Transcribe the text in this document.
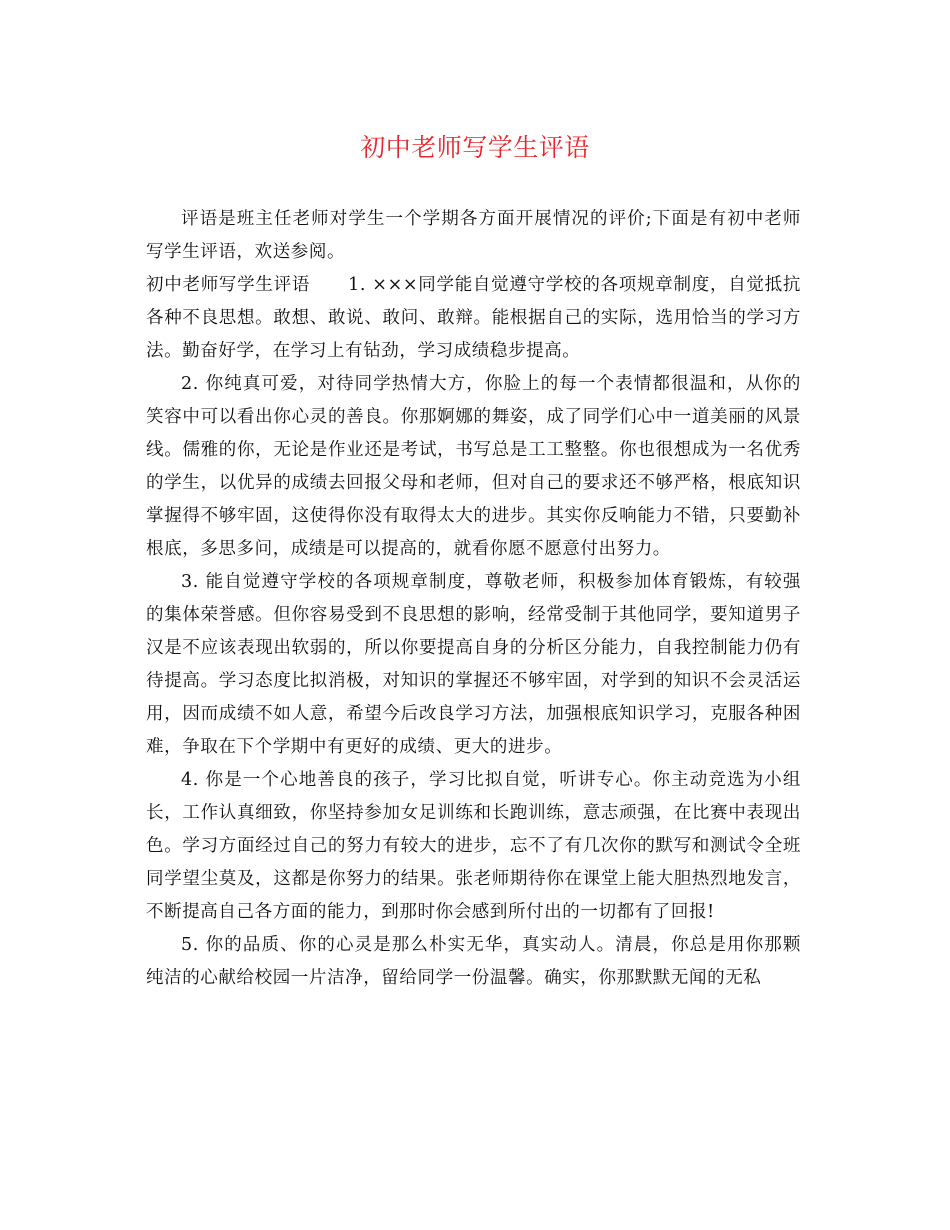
初中老师写学生评语

评语是班主任老师对学生一个学期各方面开展情况的评价;下面是有初中老师写学生评语，欢送参阅。

初中老师写学生评语 1. ×××同学能自觉遵守学校的各项规章制度，自觉抵抗各种不良思想。敢想、敢说、敢问、敢辩。能根据自己的实际，选用恰当的学习方法。勤奋好学，在学习上有钻劲，学习成绩稳步提高。

2. 你纯真可爱，对待同学热情大方，你脸上的每一个表情都很温和，从你的笑容中可以看出你心灵的善良。你那婀娜的舞姿，成了同学们心中一道美丽的风景线。儒雅的你，无论是作业还是考试，书写总是工工整整。你也很想成为一名优秀的学生，以优异的成绩去回报父母和老师，但对自己的要求还不够严格，根底知识掌握得不够牢固，这使得你没有取得太大的进步。其实你反响能力不错，只要勤补根底，多思多问，成绩是可以提高的，就看你愿不愿意付出努力。

3. 能自觉遵守学校的各项规章制度，尊敬老师，积极参加体育锻炼，有较强的集体荣誉感。但你容易受到不良思想的影响，经常受制于其他同学，要知道男子汉是不应该表现出软弱的，所以你要提高自身的分析区分能力，自我控制能力仍有待提高。学习态度比拟消极，对知识的掌握还不够牢固，对学到的知识不会灵活运用，因而成绩不如人意，希望今后改良学习方法，加强根底知识学习，克服各种困难，争取在下个学期中有更好的成绩、更大的进步。

4. 你是一个心地善良的孩子，学习比拟自觉，听讲专心。你主动竞选为小组长，工作认真细致，你坚持参加女足训练和长跑训练，意志顽强，在比赛中表现出色。学习方面经过自己的努力有较大的进步，忘不了有几次你的默写和测试令全班同学望尘莫及，这都是你努力的结果。张老师期待你在课堂上能大胆热烈地发言，不断提高自己各方面的能力，到那时你会感到所付出的一切都有了回报!

5. 你的品质、你的心灵是那么朴实无华，真实动人。清晨，你总是用你那颗纯洁的心献给校园一片洁净，留给同学一份温馨。确实，你那默默无闻的无私
